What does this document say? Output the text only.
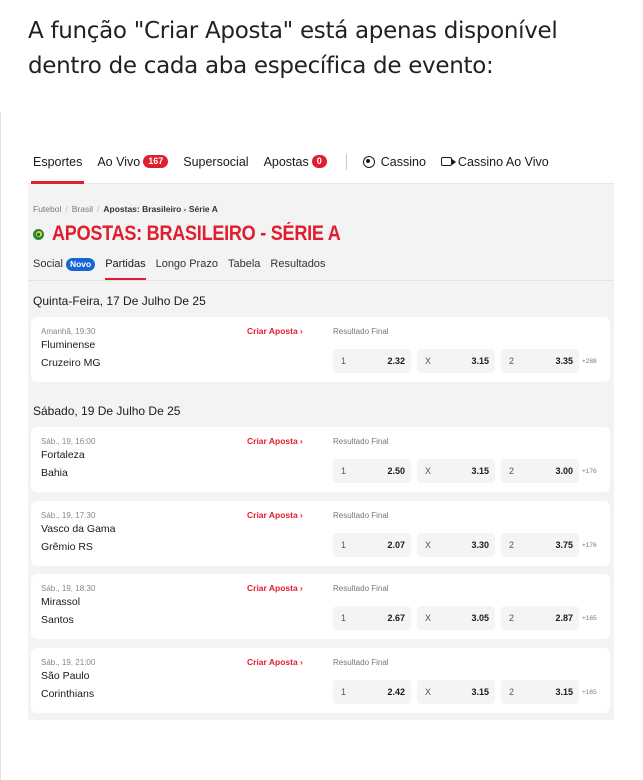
A função "Criar Aposta" está apenas disponível dentro de cada aba específica de evento:
Esportes Ao Vivo 167	Supersocial Apostas 0	Cassino	Cassino Ao Vivo
Futebol / Brasil / Apostas: Brasileiro - Série A
APOSTAS: BRASILEIRO - SÉRIE A
Social Novo	Partidas Longo Prazo Tabela Resultados
Quinta-Feira, 17 De Julho De 25
Amanhã, 19:30
Fluminense
Cruzeiro MG
Criar Aposta ›	Resultado Final
1	2.32 X	3.15 2	3.35 +288
Sábado, 19 De Julho De 25
Sáb., 19, 16:00
Fortaleza
Bahia
Criar Aposta ›	Resultado Final
1	2.50 X	3.15 2	3.00 +176
Sáb., 19, 17:30
Vasco da Gama
Grêmio RS
Criar Aposta ›	Resultado Final
1	2.07 X	3.30 2	3.75 +176
Sáb., 19, 18:30
Mirassol
Santos
Criar Aposta ›	Resultado Final
1	2.67 X	3.05 2	2.87 +165
Sáb., 19, 21:00
São Paulo
Corinthians
Criar Aposta ›	Resultado Final
1	2.42 X	3.15 2	3.15 +165
